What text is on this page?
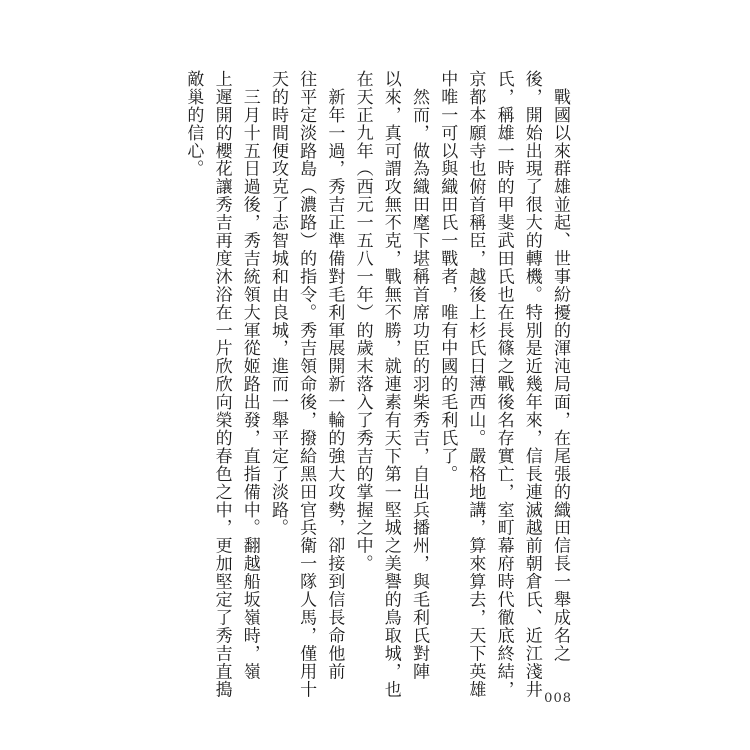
　戰國以來群雄並起、世事紛擾的渾沌局面，在尾張的織田信長一舉成名之

後，開始出現了很大的轉機。特別是近幾年來，信長連滅越前朝倉氏、近江淺井

氏，稱雄一時的甲斐武田氏也在長篠之戰後名存實亡，室町幕府時代徹底終結，

京都本願寺也俯首稱臣，越後上杉氏日薄西山。嚴格地講，算來算去，天下英雄

中唯一可以與織田氏一戰者，唯有中國的毛利氏了。

　然而，做為織田麾下堪稱首席功臣的羽柴秀吉，自出兵播州，與毛利氏對陣

以來，真可謂攻無不克，戰無不勝，就連素有天下第一堅城之美譽的鳥取城，也

在天正九年（西元一五八一年）的歲末落入了秀吉的掌握之中。

　新年一過，秀吉正準備對毛利軍展開新一輪的強大攻勢，卻接到信長命他前

往平定淡路島（濃路）的指令。秀吉領命後，撥給黑田官兵衛一隊人馬，僅用十

天的時間便攻克了志智城和由良城，進而一舉平定了淡路。

　三月十五日過後，秀吉統領大軍從姬路出發，直指備中。翻越船坂嶺時，嶺

上遲開的櫻花讓秀吉再度沐浴在一片欣欣向榮的春色之中，更加堅定了秀吉直搗

敵巢的信心。

008
